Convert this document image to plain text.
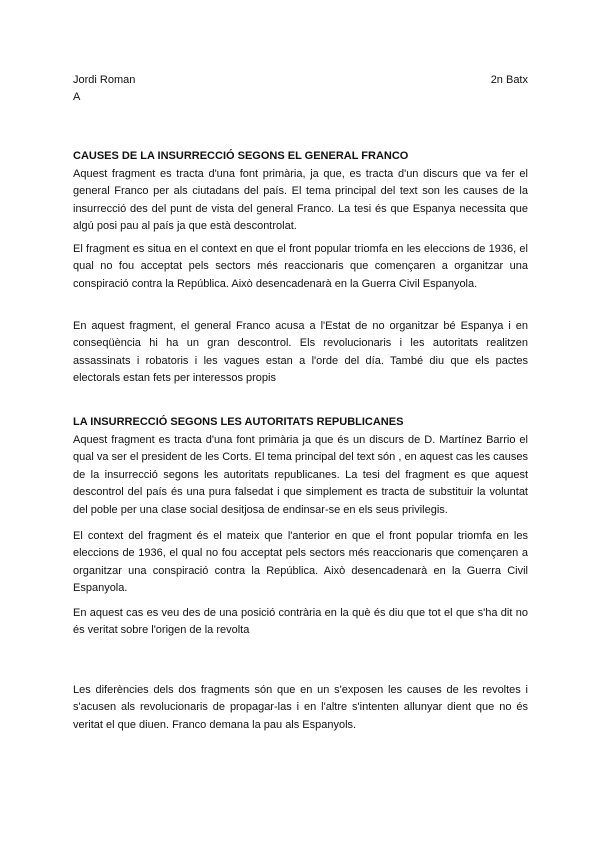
Jordi Roman
A
2n Batx
CAUSES DE LA INSURRECCIÓ SEGONS EL GENERAL FRANCO

Aquest fragment es tracta d'una font primària, ja que, es tracta d'un discurs que va fer el general Franco per als ciutadans del país. El tema principal del text son les causes de la insurrecció des del punt de vista del general Franco. La tesi és que Espanya necessita que algú posi pau al país ja que està descontrolat.

El fragment es situa en el context en que el front popular triomfa en les eleccions de 1936, el qual no fou acceptat pels sectors més reaccionaris que començaren a organitzar una conspiració contra la República. Això desencadenarà en la Guerra Civil Espanyola.

En aquest fragment, el general Franco acusa a l'Estat de no organitzar bé Espanya i en conseqüència hi ha un gran descontrol. Els revolucionaris i les autoritats realitzen assassinats i robatoris i les vagues estan a l'orde del día. També diu que els pactes electorals estan fets per interessos propis

LA INSURRECCIÓ SEGONS LES AUTORITATS REPUBLICANES

Aquest fragment es tracta d'una font primària ja que és un discurs de D. Martínez Barrio el qual va ser el president de les Corts. El tema principal del text són , en aquest cas les causes de la insurrecció segons les autoritats republicanes. La tesi del fragment es que aquest descontrol del país és una pura falsedat i que simplement es tracta de substituir la voluntat del poble per una clase social desitjosa de endinsar-se en els seus privilegis.

El context del fragment és el mateix que l'anterior en que el front popular triomfa en les eleccions de 1936, el qual no fou acceptat pels sectors més reaccionaris que començaren a organitzar una conspiració contra la República. Això desencadenarà en la Guerra Civil Espanyola.

En aquest cas es veu des de una posició contrària en la què és diu que tot el que s'ha dit no és veritat sobre l'origen de la revolta

Les diferències dels dos fragments són que en un s'exposen les causes de les revoltes i s'acusen als revolucionaris de propagar-las i en l'altre s'intenten allunyar dient que no és veritat el que diuen. Franco demana la pau als Espanyols.
